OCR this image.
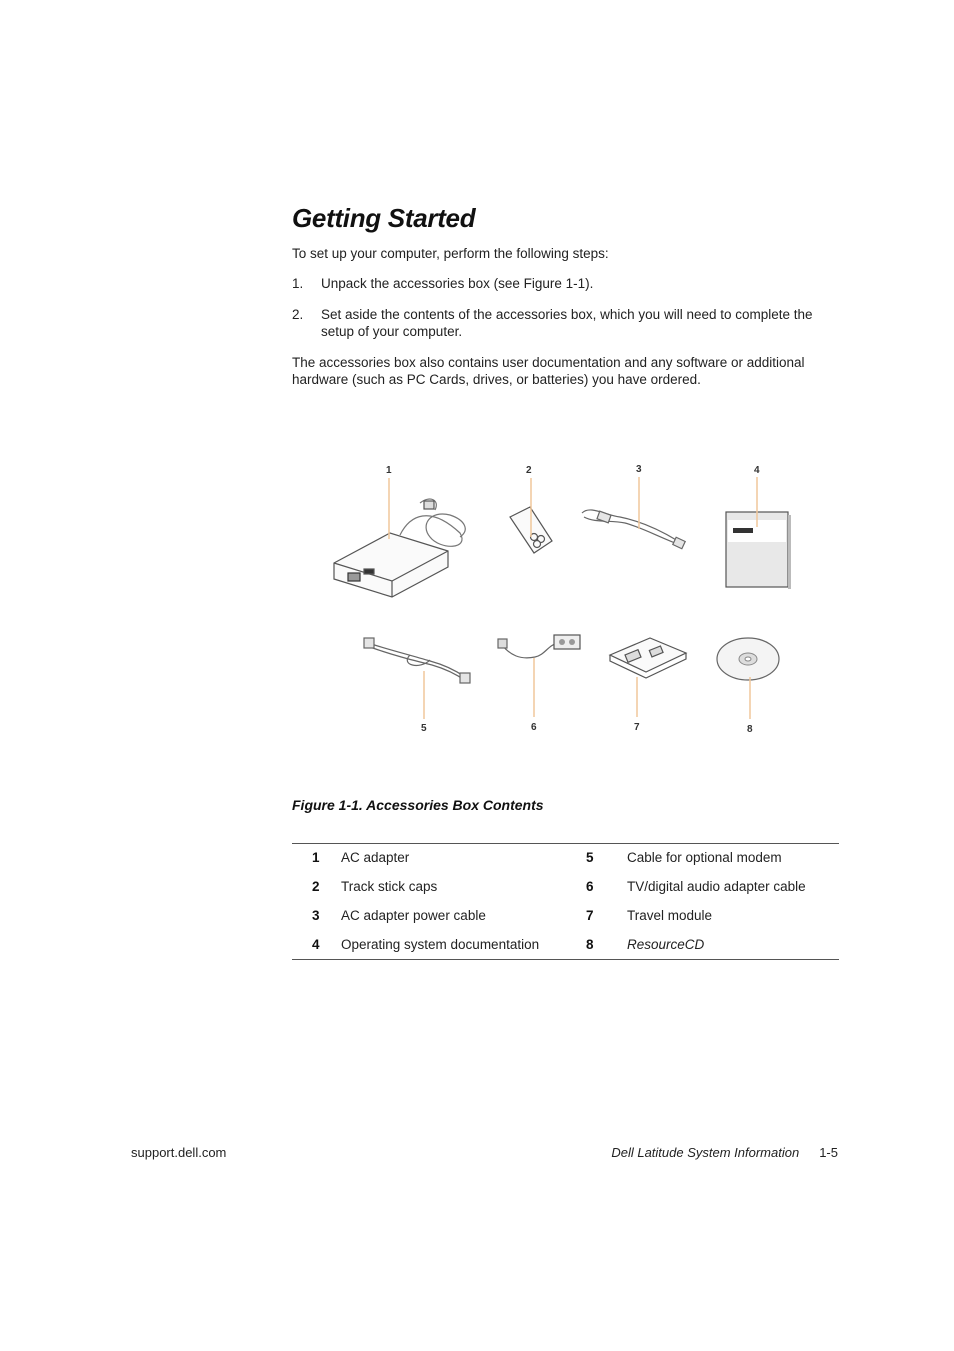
Getting Started

To set up your computer, perform the following steps:

1. Unpack the accessories box (see Figure 1-1).
2. Set aside the contents of the accessories box, which you will need to complete the setup of your computer.

The accessories box also contains user documentation and any software or additional hardware (such as PC Cards, drives, or batteries) you have ordered.

1	2	3	4
5	6	7	8

Figure 1-1. Accessories Box Contents

1 AC adapter	5 Cable for optional modem
2 Track stick caps	6 TV/digital audio adapter cable
3 AC adapter power cable	7 Travel module
4 Operating system documentation	8 ResourceCD
support.dell.com	Dell Latitude System Information 1-5
